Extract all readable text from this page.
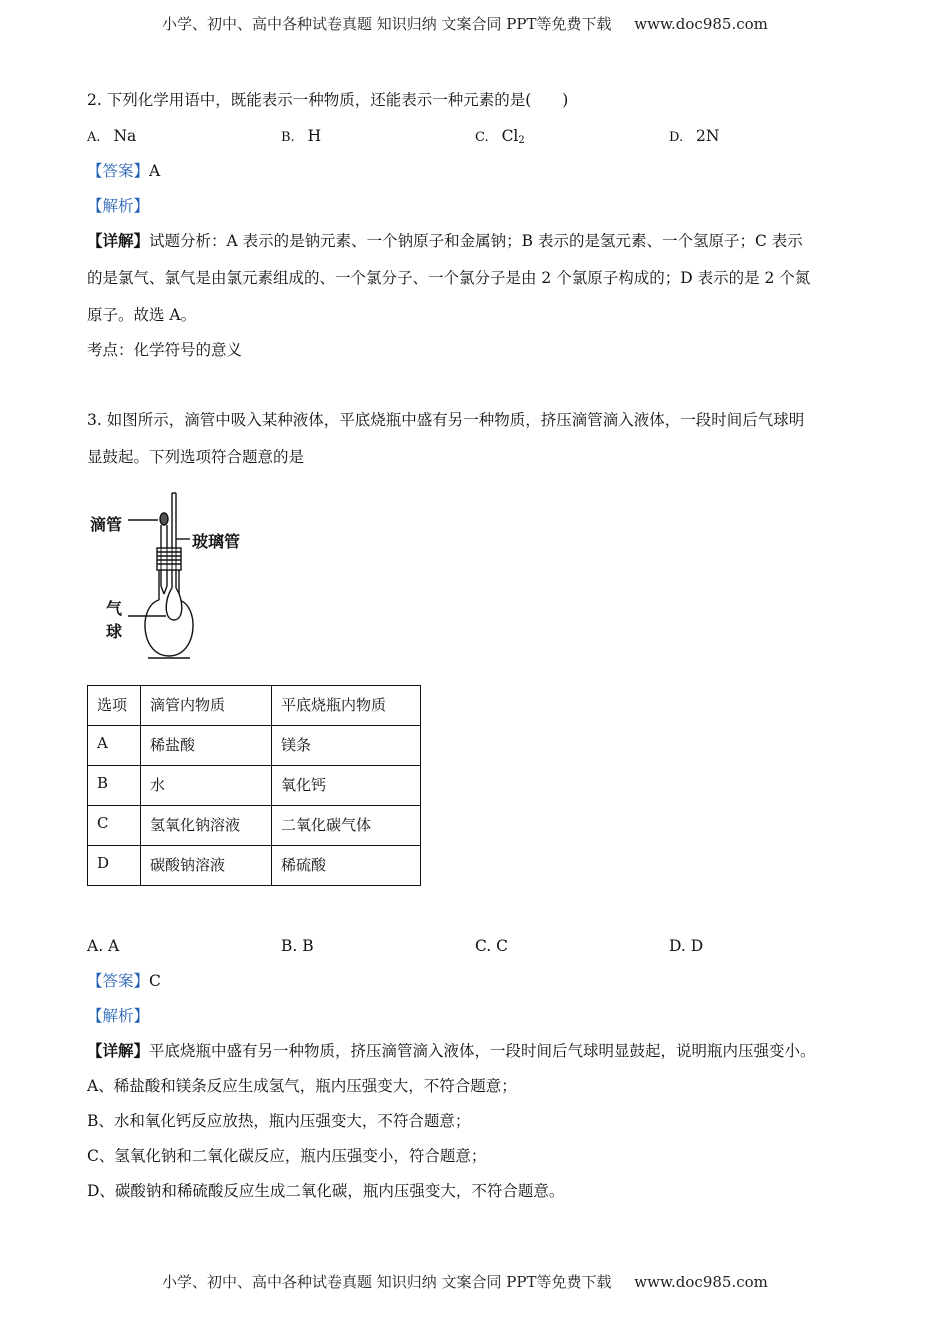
小学、初中、高中各种试卷真题 知识归纳 文案合同 PPT等免费下载 www.doc985.com
2. 下列化学用语中，既能表示一种物质，还能表示一种元素的是(　　)
A. Na	B. H	C. $Cl_2$	D. 2N
【答案】A
【解析】
【详解】试题分析：A 表示的是钠元素、一个钠原子和金属钠；B 表示的是氢元素、一个氢原子；C 表示
的是氯气、氯气是由氯元素组成的、一个氯分子、一个氯分子是由 2 个氯原子构成的；D 表示的是 2 个氮
原子。故选 A。
考点：化学符号的意义
3. 如图所示，滴管中吸入某种液体，平底烧瓶中盛有另一种物质，挤压滴管滴入液体，一段时间后气球明
显鼓起。下列选项符合题意的是
滴管
玻璃管
气
球
选项	滴管内物质	平底烧瓶内物质
A	稀盐酸	镁条
B	水	氧化钙
C	氢氧化钠溶液	二氧化碳气体
D	碳酸钠溶液	稀硫酸
A. A	B. B	C. C	D. D
【答案】C
【解析】
【详解】平底烧瓶中盛有另一种物质，挤压滴管滴入液体，一段时间后气球明显鼓起，说明瓶内压强变小。
A、稀盐酸和镁条反应生成氢气，瓶内压强变大，不符合题意；
B、水和氧化钙反应放热，瓶内压强变大，不符合题意；
C、氢氧化钠和二氧化碳反应，瓶内压强变小，符合题意；
D、碳酸钠和稀硫酸反应生成二氧化碳，瓶内压强变大，不符合题意。
小学、初中、高中各种试卷真题 知识归纳 文案合同 PPT等免费下载 www.doc985.com
